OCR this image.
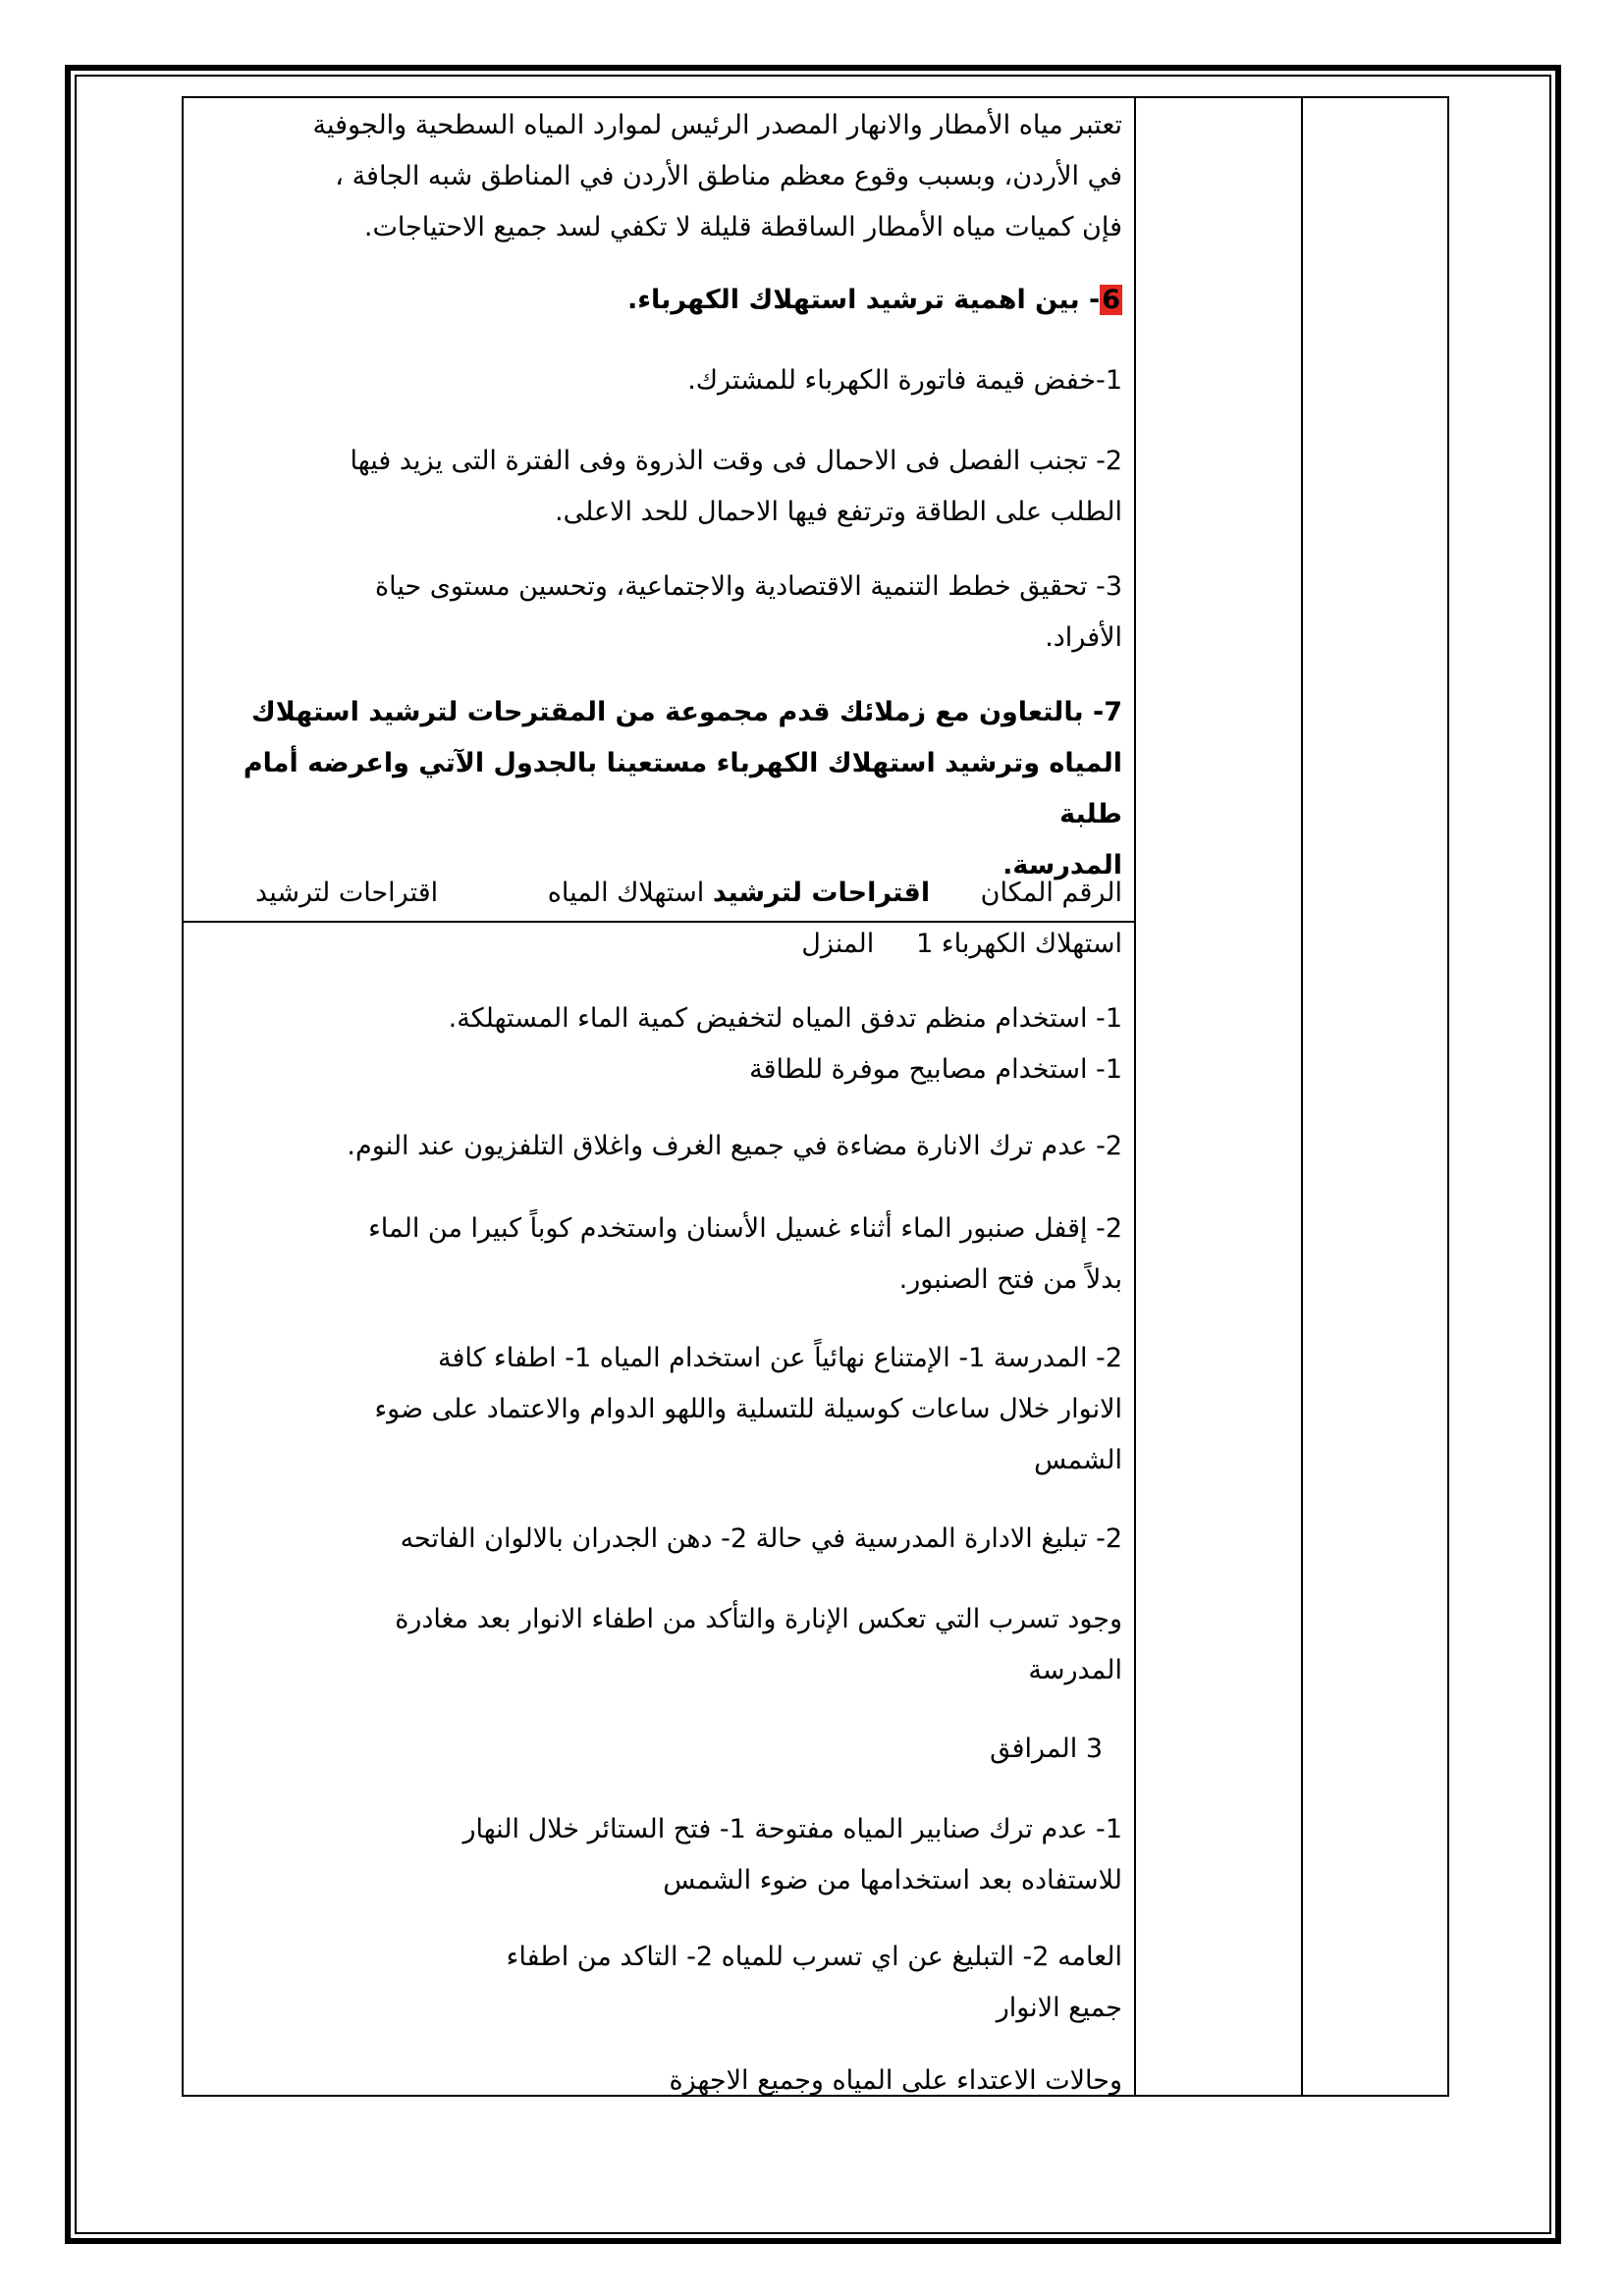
تعتبر مياه الأمطار والانهار المصدر الرئيس لموارد المياه السطحية والجوفية
في الأردن، وبسبب وقوع معظم مناطق الأردن في المناطق شبه الجافة ،
فإن كميات مياه الأمطار الساقطة قليلة لا تكفي لسد جميع الاحتياجات.
6- بين اهمية ترشيد استهلاك الكهرباء.
1-خفض قيمة فاتورة الكهرباء للمشترك.
2- تجنب الفصل فى الاحمال فى وقت الذروة وفى الفترة التى يزيد فيها
الطلب على الطاقة وترتفع فيها الاحمال للحد الاعلى.
3- تحقيق خطط التنمية الاقتصادية والاجتماعية، وتحسين مستوى حياة
الأفراد.
7- بالتعاون مع زملائك قدم مجموعة من المقترحات لترشيد استهلاك
المياه وترشيد استهلاك الكهرباء مستعينا بالجدول الآتي واعرضه أمام طلبة
المدرسة.
الرقم المكان      اقتراحات لترشيد استهلاك المياه             اقتراحات لترشيد
استهلاك الكهرباء 1     المنزل
1- استخدام منظم تدفق المياه لتخفيض كمية الماء المستهلكة.
1- استخدام مصابيح موفرة للطاقة
2- عدم ترك الانارة مضاءة في جميع الغرف واغلاق التلفزيون عند النوم.
2- إقفل صنبور الماء أثناء غسيل الأسنان واستخدم كوباً كبيرا من الماء
بدلاً من فتح الصنبور.
2- المدرسة 1- الإمتناع نهائياً عن استخدام المياه 1- اطفاء كافة
الانوار خلال ساعات كوسيلة للتسلية واللهو الدوام والاعتماد على ضوء
الشمس
2- تبليغ الادارة المدرسية في حالة 2- دهن الجدران بالالوان الفاتحه
وجود تسرب التي تعكس الإنارة والتأكد من اطفاء الانوار بعد مغادرة
المدرسة
3 المرافق
1- عدم ترك صنابير المياه مفتوحة 1- فتح الستائر خلال النهار
للاستفاده بعد استخدامها من ضوء الشمس
العامه 2- التبليغ عن اي تسرب للمياه 2- التاكد من اطفاء
جميع الانوار
وحالات الاعتداء على المياه وجميع الاجهزة
